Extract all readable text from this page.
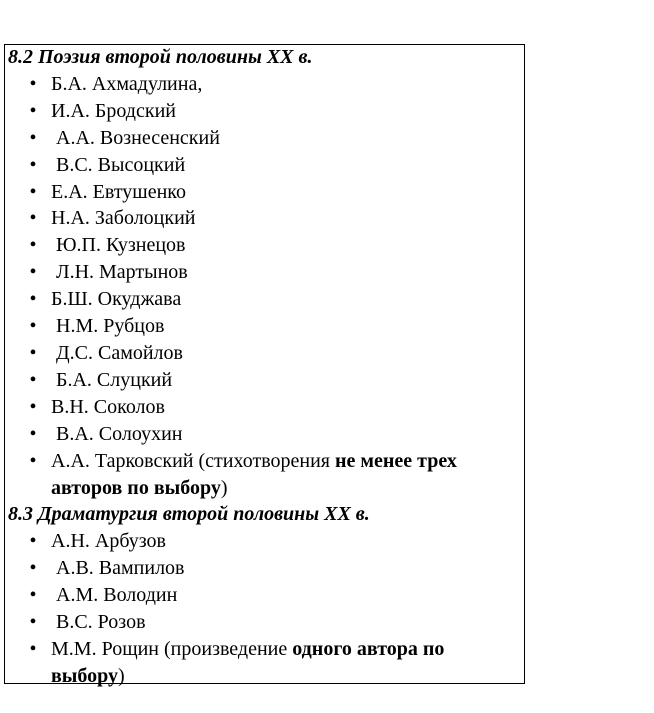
8.2 Поэзия второй половины XX в.

•
Б.А. Ахмадулина,
•
И.А. Бродский
•
А.А. Вознесенский
•
В.С. Высоцкий
•
Е.А. Евтушенко
•
Н.А. Заболоцкий
•
Ю.П. Кузнецов
•
Л.Н. Мартынов
•
Б.Ш. Окуджава
•
Н.М. Рубцов
•
Д.С. Самойлов
•
Б.А. Слуцкий
•
В.Н. Соколов
•
В.А. Солоухин
•
А.А. Тарковский (стихотворения не менее трех авторов по выбору)

8.3 Драматургия второй половины XX в.

•
А.Н. Арбузов
•
А.В. Вампилов
•
А.М. Володин
•
В.С. Розов
•
М.М. Рощин (произведение одного автора по выбору)
